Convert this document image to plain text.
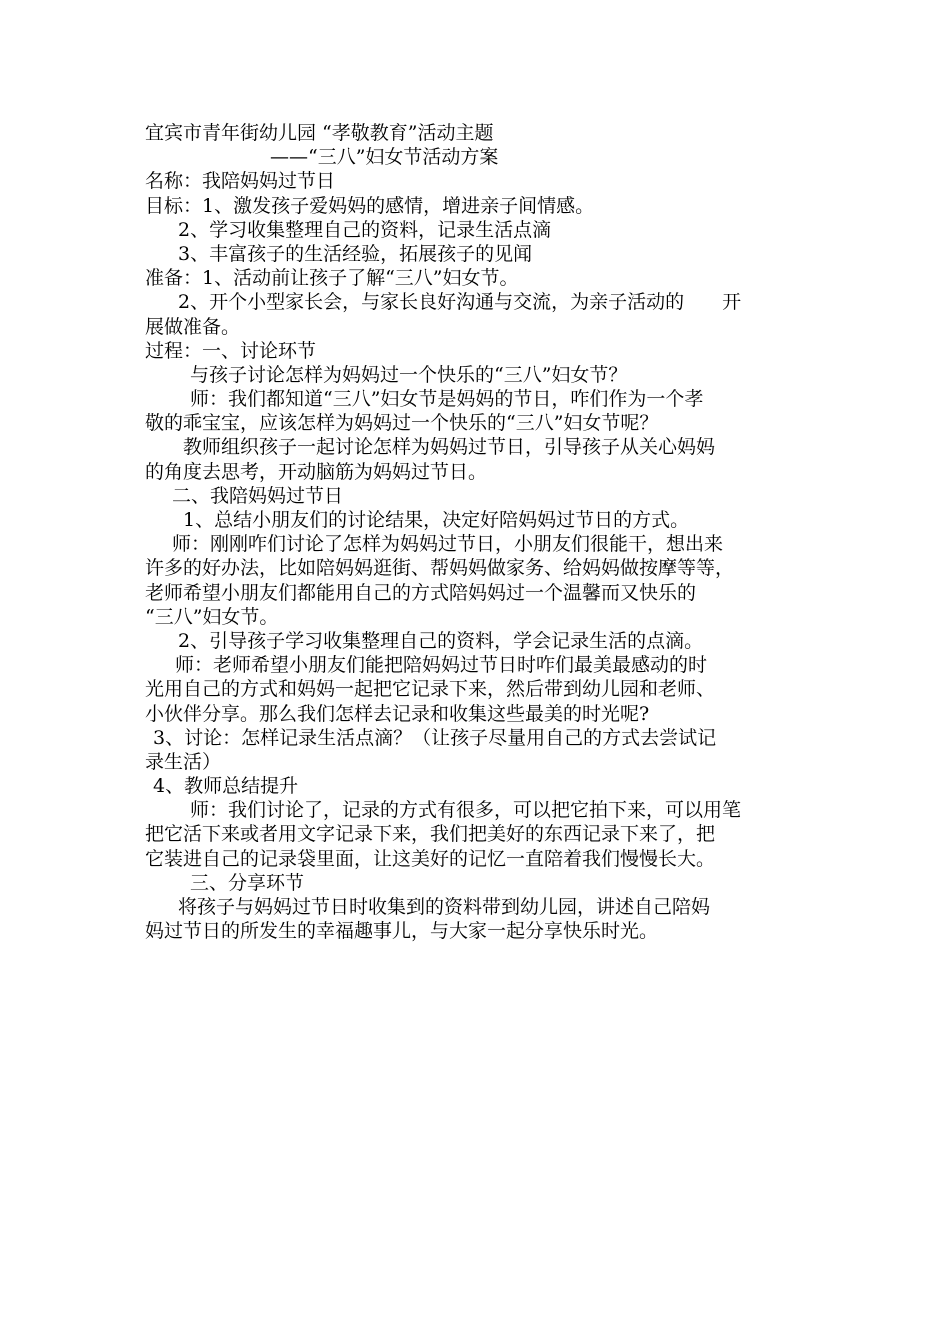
宜宾市青年街幼儿园 “孝敬教育”活动主题
——“三八”妇女节活动方案
名称：我陪妈妈过节日
目标：1、激发孩子爱妈妈的感情，增进亲子间情感。
2、学习收集整理自己的资料，记录生活点滴
3、丰富孩子的生活经验，拓展孩子的见闻
准备：1、活动前让孩子了解“三八”妇女节。
2、开个小型家长会，与家长良好沟通与交流，为亲子活动的　　开
展做准备。
过程：一、讨论环节
与孩子讨论怎样为妈妈过一个快乐的“三八”妇女节？
师：我们都知道“三八”妇女节是妈妈的节日，咋们作为一个孝
敬的乖宝宝，应该怎样为妈妈过一个快乐的“三八”妇女节呢？
教师组织孩子一起讨论怎样为妈妈过节日，引导孩子从关心妈妈
的角度去思考，开动脑筋为妈妈过节日。
二、我陪妈妈过节日
1、总结小朋友们的讨论结果，决定好陪妈妈过节日的方式。
师：刚刚咋们讨论了怎样为妈妈过节日，小朋友们很能干，想出来
许多的好办法，比如陪妈妈逛街、帮妈妈做家务、给妈妈做按摩等等，
老师希望小朋友们都能用自己的方式陪妈妈过一个温馨而又快乐的
“三八”妇女节。
2、引导孩子学习收集整理自己的资料，学会记录生活的点滴。
师：老师希望小朋友们能把陪妈妈过节日时咋们最美最感动的时
光用自己的方式和妈妈一起把它记录下来，然后带到幼儿园和老师、
小伙伴分享。那么我们怎样去记录和收集这些最美的时光呢?
3、讨论：怎样记录生活点滴？（让孩子尽量用自己的方式去尝试记
录生活）
4、教师总结提升
师：我们讨论了，记录的方式有很多，可以把它拍下来，可以用笔
把它活下来或者用文字记录下来，我们把美好的东西记录下来了，把
它装进自己的记录袋里面，让这美好的记忆一直陪着我们慢慢长大。
三、分享环节
将孩子与妈妈过节日时收集到的资料带到幼儿园，讲述自己陪妈
妈过节日的所发生的幸福趣事儿，与大家一起分享快乐时光。
